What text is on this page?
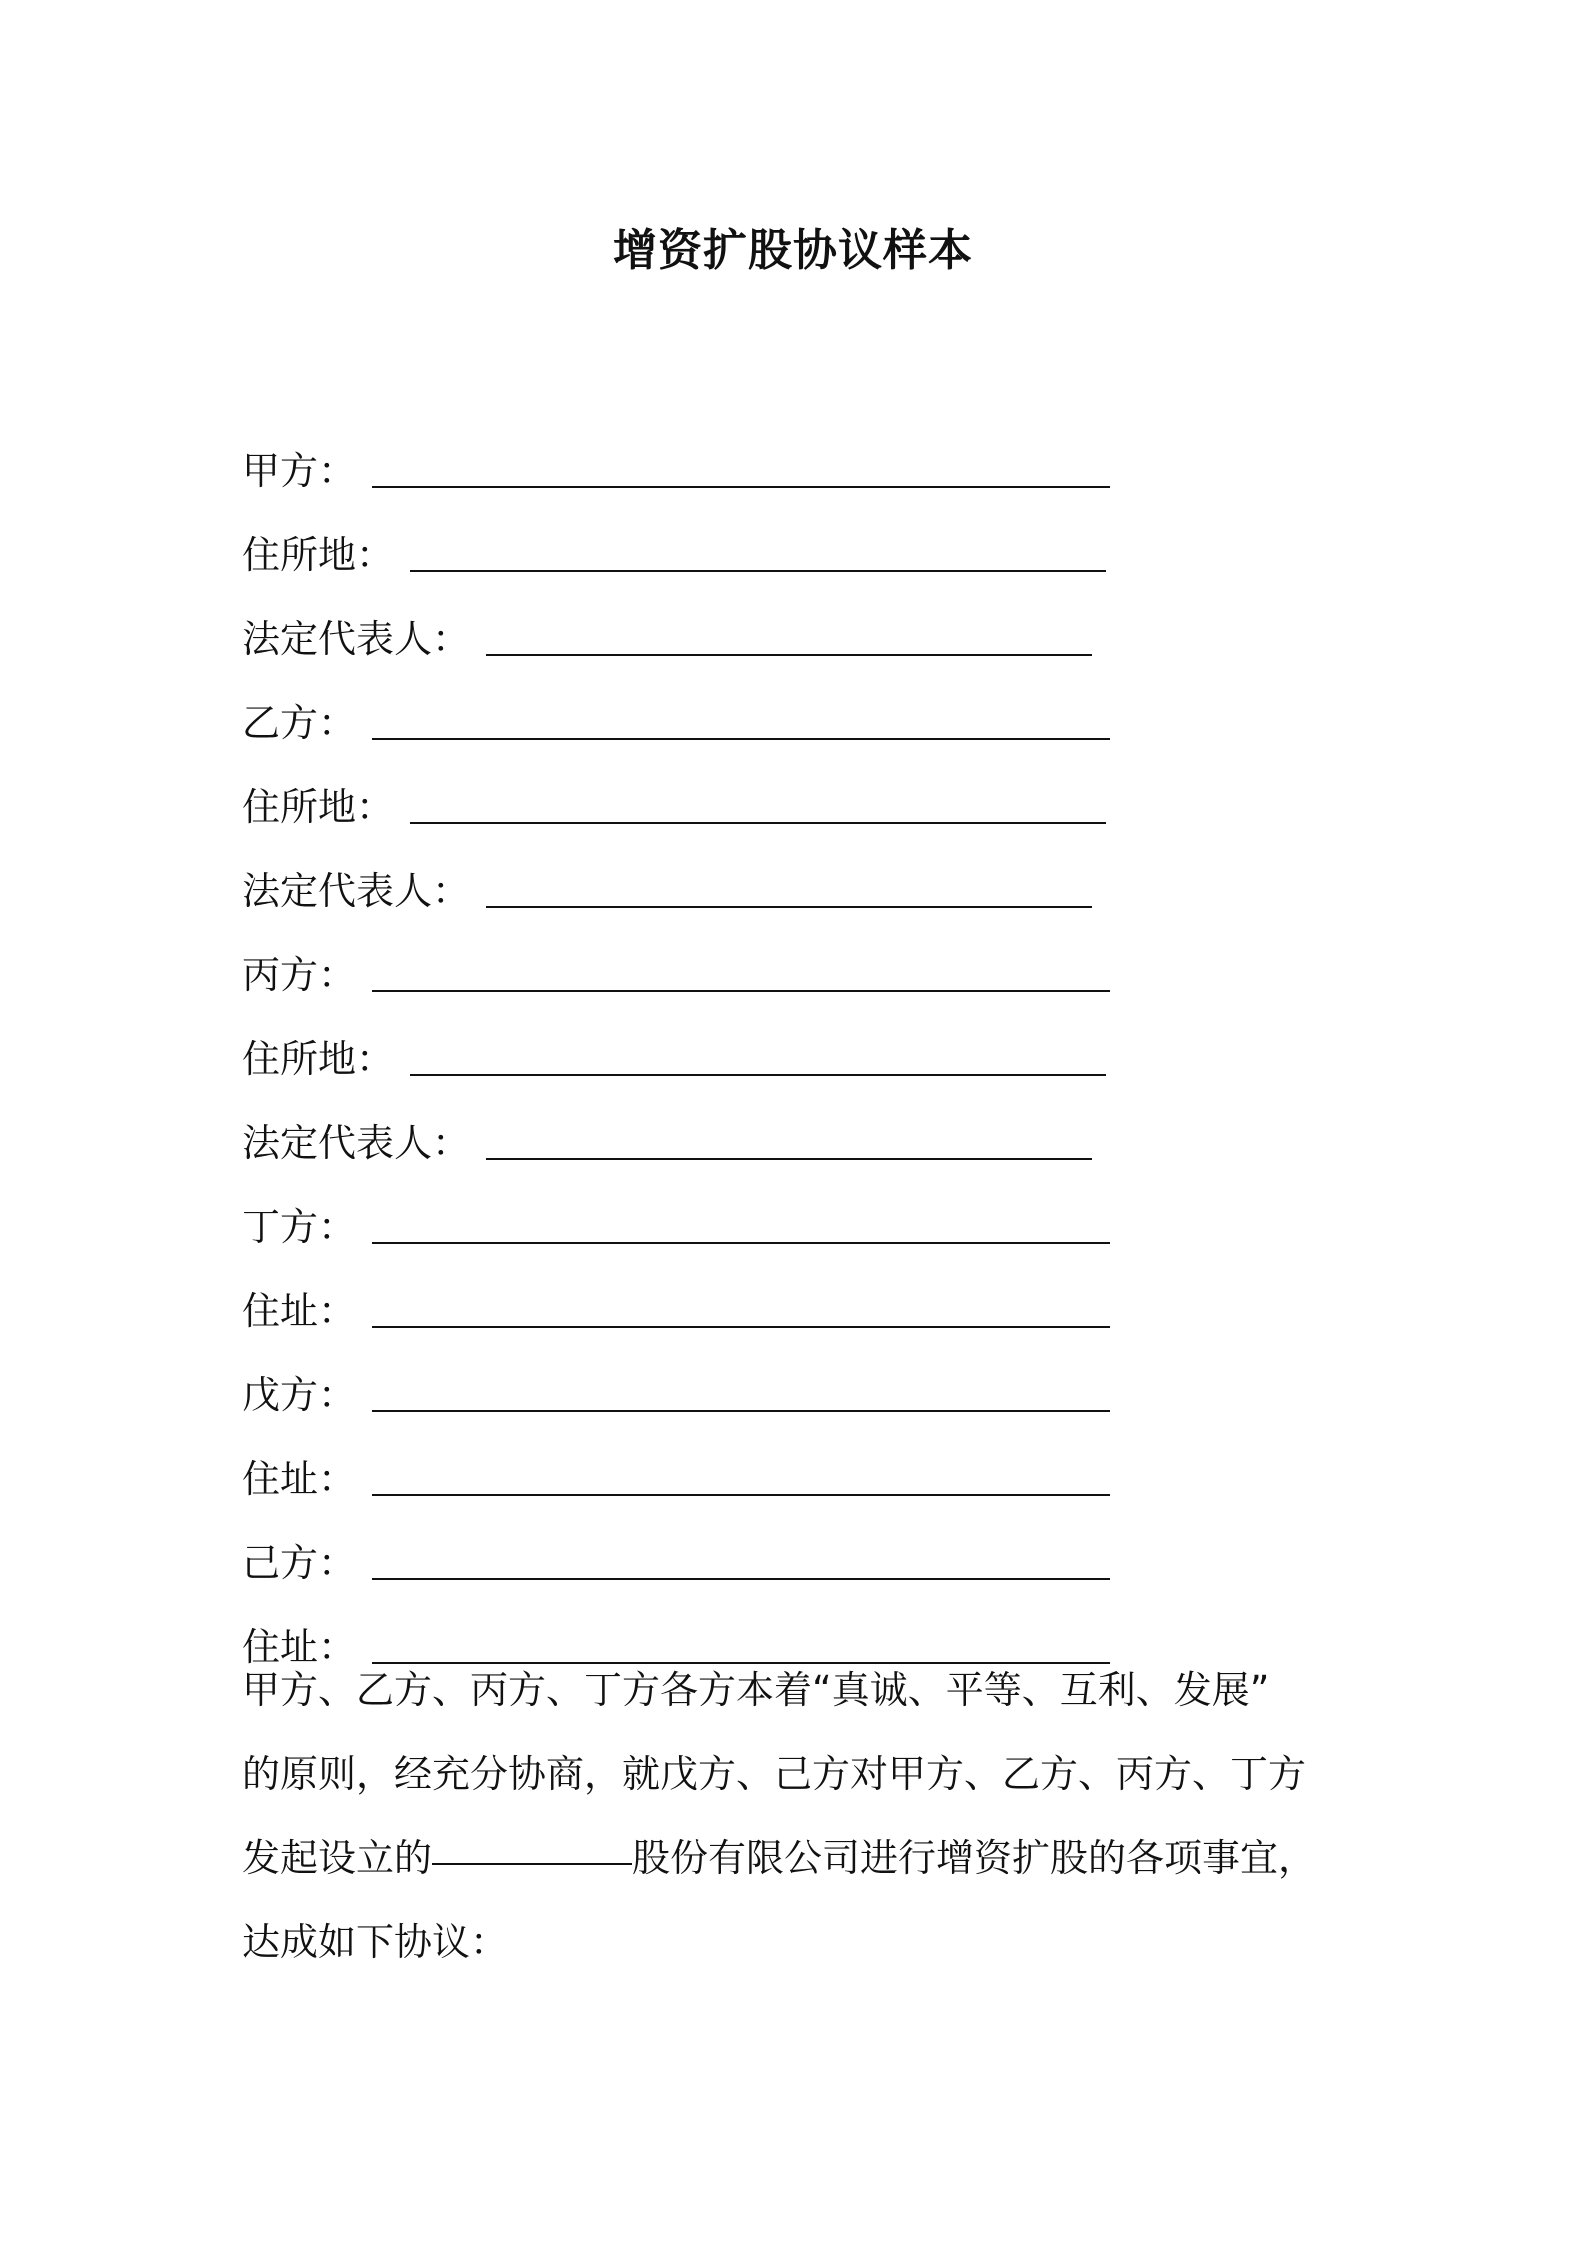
增资扩股协议样本
甲方：
住所地：
法定代表人：
乙方：
住所地：
法定代表人：
丙方：
住所地：
法定代表人：
丁方：
住址：
戊方：
住址：
己方：
住址：
甲方、乙方、丙方、丁方各方本着“真诚、平等、互利、发展”
的原则，经充分协商，就戊方、己方对甲方、乙方、丙方、丁方
发起设立的	股份有限公司进行增资扩股的各项事宜，
达成如下协议：
